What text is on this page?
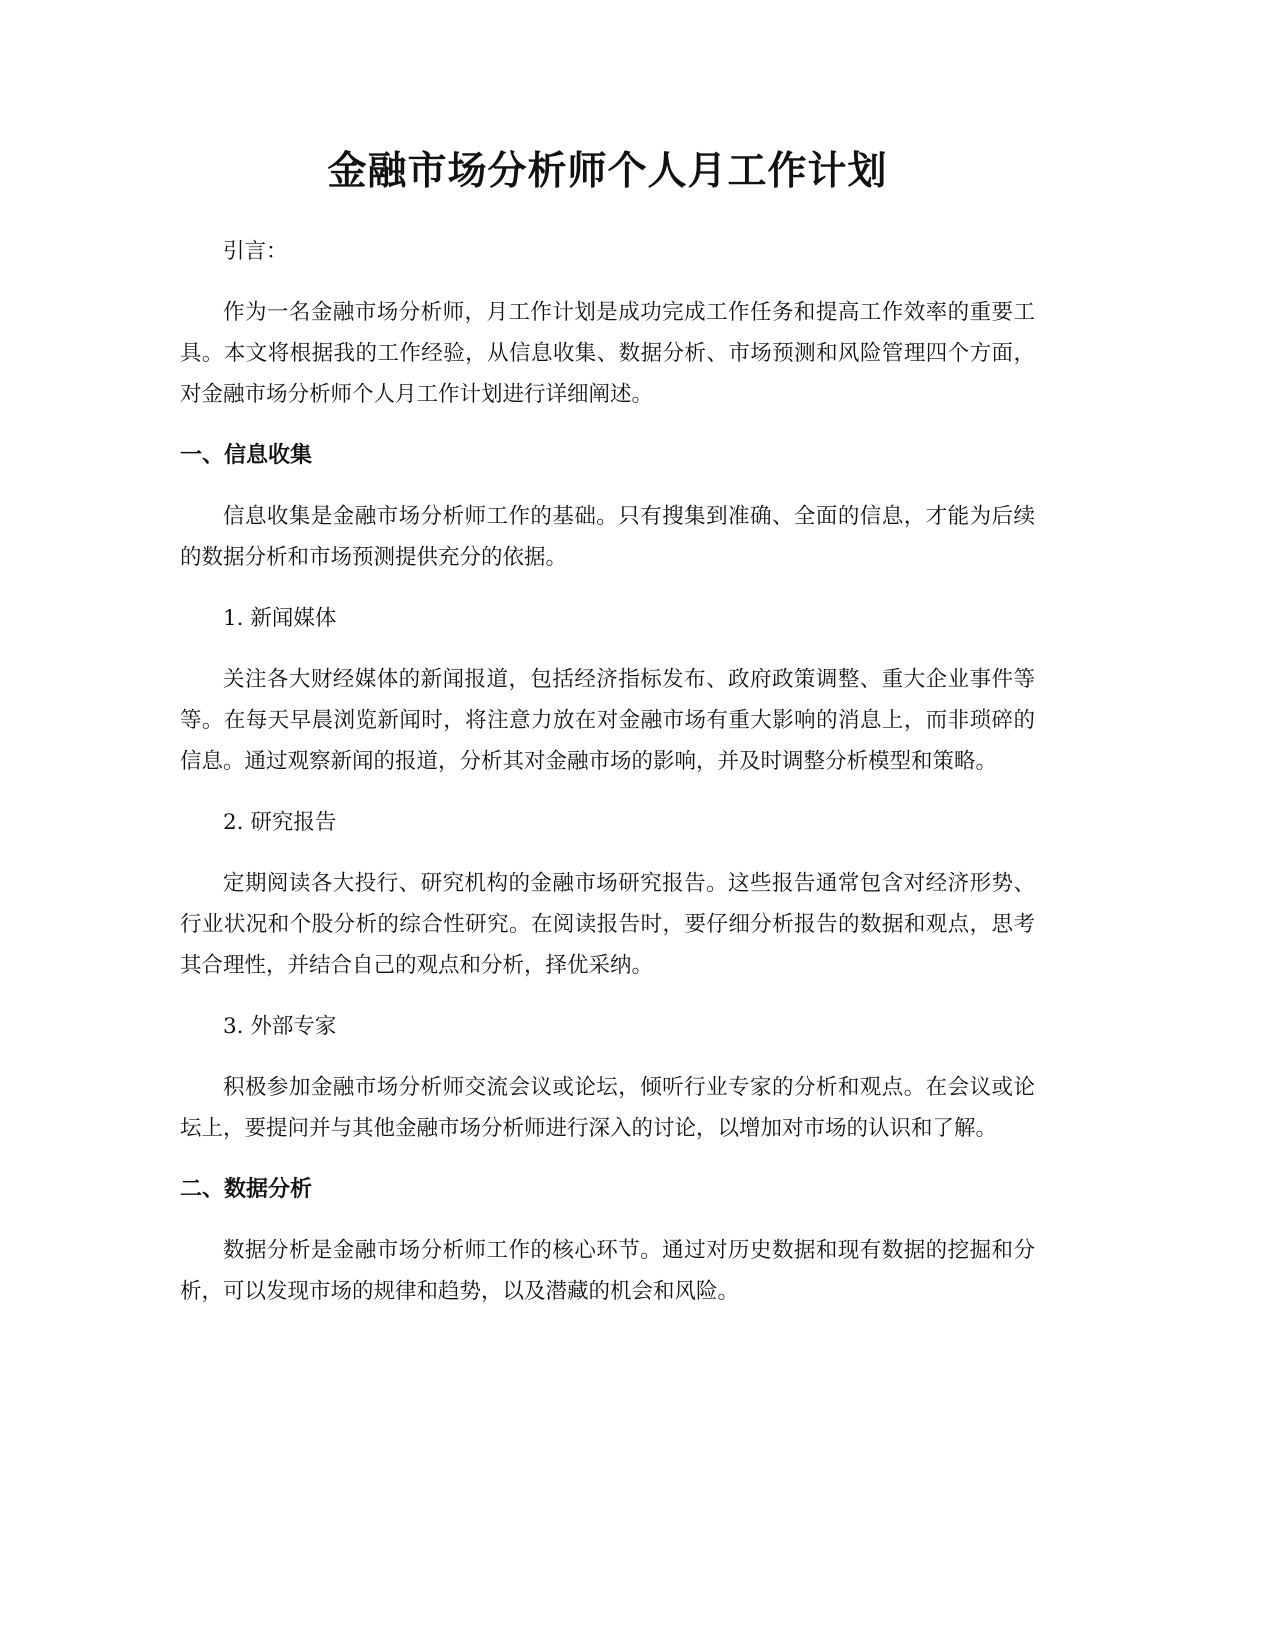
金融市场分析师个人月工作计划
引言：
作为一名金融市场分析师，月工作计划是成功完成工作任务和提高工作效率的重要工具。本文将根据我的工作经验，从信息收集、数据分析、市场预测和风险管理四个方面，对金融市场分析师个人月工作计划进行详细阐述。
一、信息收集
信息收集是金融市场分析师工作的基础。只有搜集到准确、全面的信息，才能为后续的数据分析和市场预测提供充分的依据。
1. 新闻媒体
关注各大财经媒体的新闻报道，包括经济指标发布、政府政策调整、重大企业事件等等。在每天早晨浏览新闻时，将注意力放在对金融市场有重大影响的消息上，而非琐碎的信息。通过观察新闻的报道，分析其对金融市场的影响，并及时调整分析模型和策略。
2. 研究报告
定期阅读各大投行、研究机构的金融市场研究报告。这些报告通常包含对经济形势、行业状况和个股分析的综合性研究。在阅读报告时，要仔细分析报告的数据和观点，思考其合理性，并结合自己的观点和分析，择优采纳。
3. 外部专家
积极参加金融市场分析师交流会议或论坛，倾听行业专家的分析和观点。在会议或论坛上，要提问并与其他金融市场分析师进行深入的讨论，以增加对市场的认识和了解。
二、数据分析
数据分析是金融市场分析师工作的核心环节。通过对历史数据和现有数据的挖掘和分析，可以发现市场的规律和趋势，以及潜藏的机会和风险。
